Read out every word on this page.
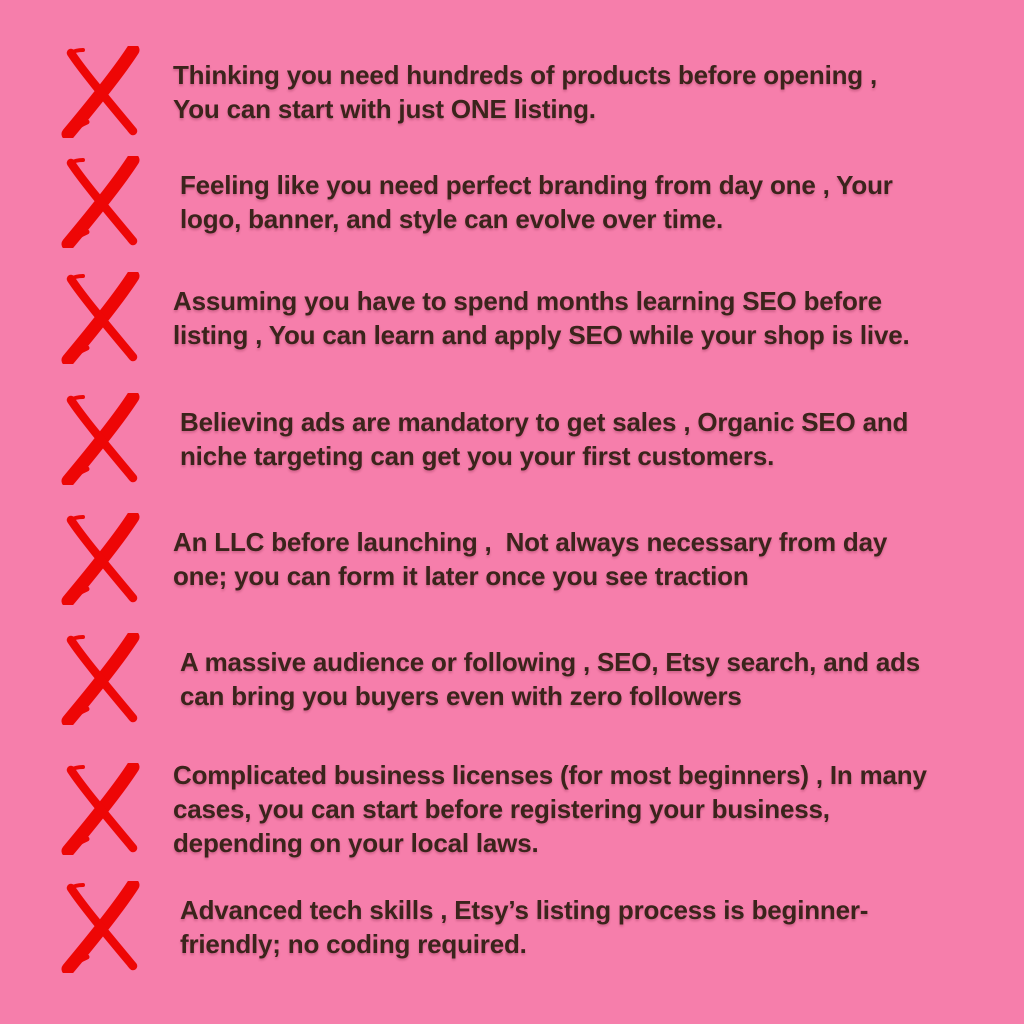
Thinking you need hundreds of products before opening ,
You can start with just ONE listing.
Feeling like you need perfect branding from day one , Your
logo, banner, and style can evolve over time.
Assuming you have to spend months learning SEO before
listing , You can learn and apply SEO while your shop is live.
Believing ads are mandatory to get sales , Organic SEO and
niche targeting can get you your first customers.
An LLC before launching ,  Not always necessary from day
one; you can form it later once you see traction
A massive audience or following , SEO, Etsy search, and ads
can bring you buyers even with zero followers
Complicated business licenses (for most beginners) , In many
cases, you can start before registering your business,
depending on your local laws.
Advanced tech skills , Etsy’s listing process is beginner-
friendly; no coding required.
